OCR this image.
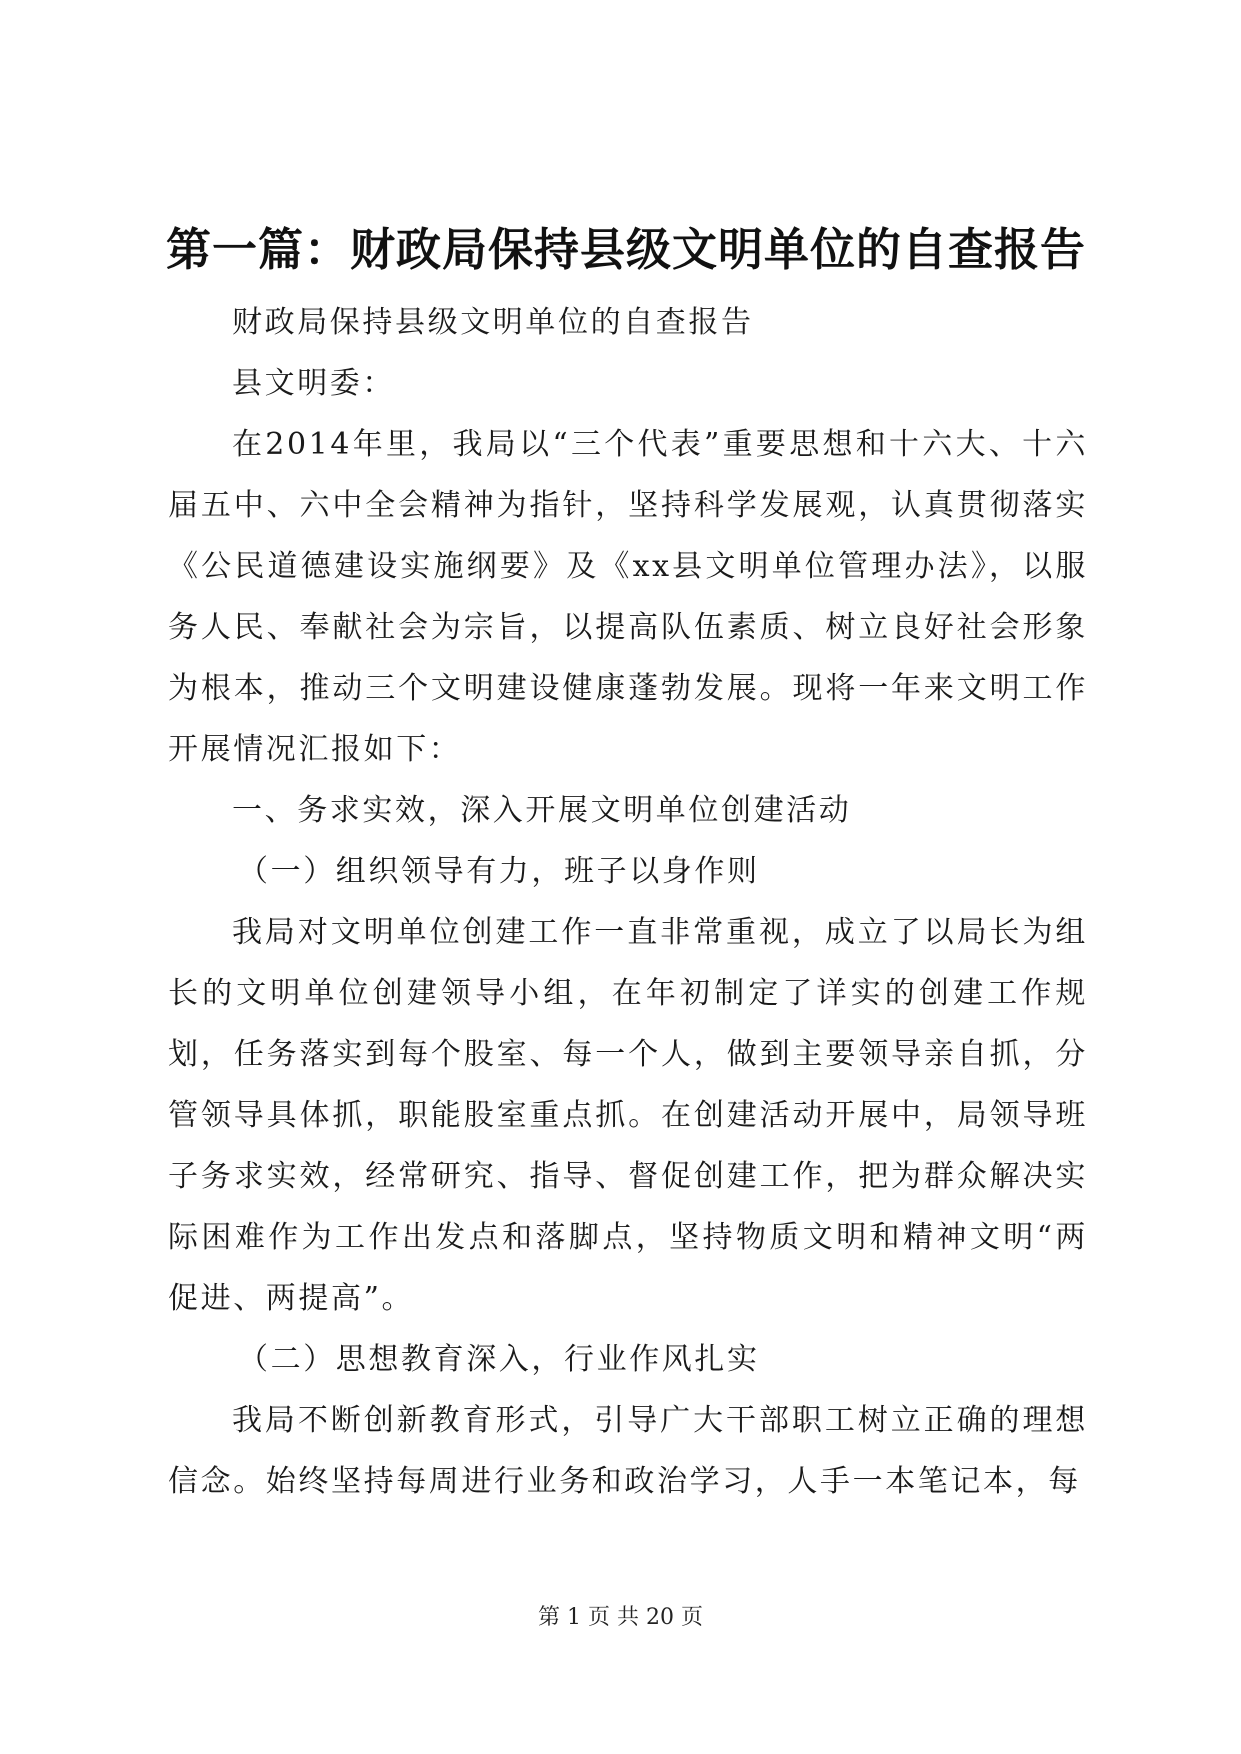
第一篇：财政局保持县级文明单位的自查报告

财政局保持县级文明单位的自查报告

县文明委：

在2014年里，我局以“三个代表”重要思想和十六大、十六届五中、六中全会精神为指针，坚持科学发展观，认真贯彻落实《公民道德建设实施纲要》及《xx县文明单位管理办法》，以服务人民、奉献社会为宗旨，以提高队伍素质、树立良好社会形象为根本，推动三个文明建设健康蓬勃发展。现将一年来文明工作开展情况汇报如下：

一、务求实效，深入开展文明单位创建活动

（一）组织领导有力，班子以身作则

我局对文明单位创建工作一直非常重视，成立了以局长为组长的文明单位创建领导小组，在年初制定了详实的创建工作规划，任务落实到每个股室、每一个人，做到主要领导亲自抓，分管领导具体抓，职能股室重点抓。在创建活动开展中，局领导班子务求实效，经常研究、指导、督促创建工作，把为群众解决实际困难作为工作出发点和落脚点，坚持物质文明和精神文明“两促进、两提高”。

（二）思想教育深入，行业作风扎实

我局不断创新教育形式，引导广大干部职工树立正确的理想信念。始终坚持每周进行业务和政治学习，人手一本笔记本，每

第 1 页 共 20 页
